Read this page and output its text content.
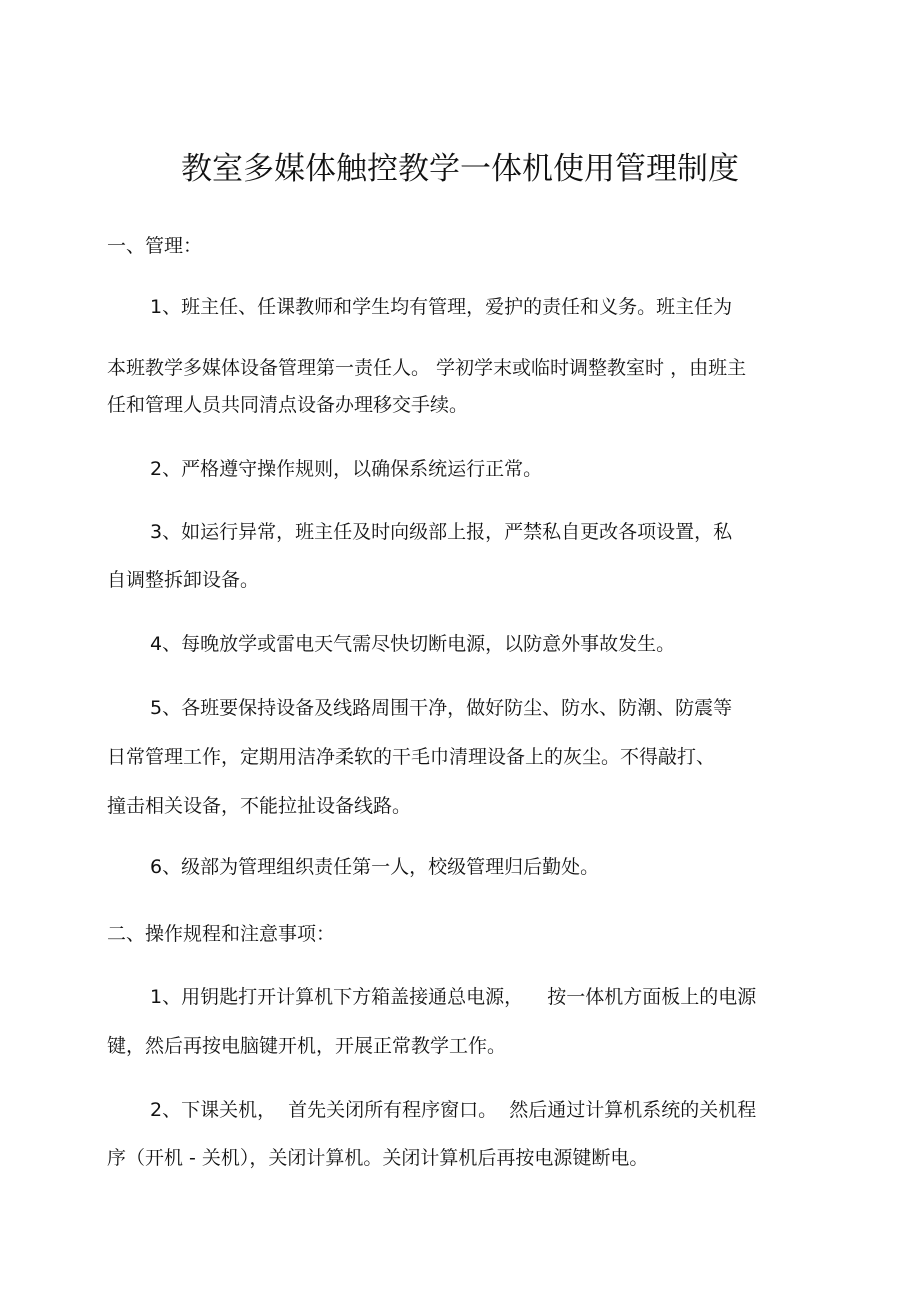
教室多媒体触控教学一体机使用管理制度
一、管理：
1、班主任、任课教师和学生均有管理，爱护的责任和义务。班主任为
本班教学多媒体设备管理第一责任人。 学初学末或临时调整教室时 ，由班主
任和管理人员共同清点设备办理移交手续。
2、严格遵守操作规则，以确保系统运行正常。
3、如运行异常，班主任及时向级部上报，严禁私自更改各项设置，私
自调整拆卸设备。
4、每晚放学或雷电天气需尽快切断电源，以防意外事故发生。
5、各班要保持设备及线路周围干净，做好防尘、防水、防潮、防震等
日常管理工作，定期用洁净柔软的干毛巾清理设备上的灰尘。不得敲打、
撞击相关设备，不能拉扯设备线路。
6、级部为管理组织责任第一人，校级管理归后勤处。
二、操作规程和注意事项：
1、用钥匙打开计算机下方箱盖接通总电源，    按一体机方面板上的电源
键，然后再按电脑键开机，开展正常教学工作。
2、下课关机，  首先关闭所有程序窗口。  然后通过计算机系统的关机程
序（开机 - 关机），关闭计算机。关闭计算机后再按电源键断电。
